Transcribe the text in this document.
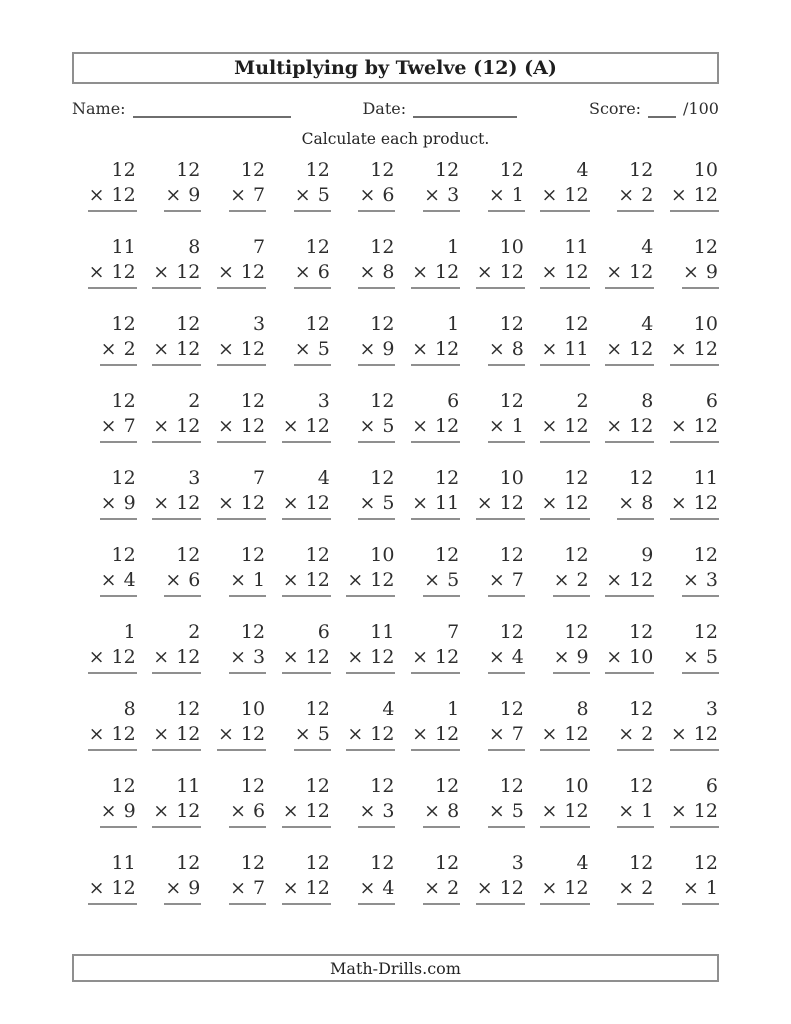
Multiplying by Twelve (12) (A)
Name:	Date:	Score:	/100
Calculate each product.
12
× 12
12
× 9
12
× 7
12
× 5
12
× 6
12
× 3
12
× 1
4
× 12
12
× 2
10
× 12
11
× 12
8
× 12
7
× 12
12
× 6
12
× 8
1
× 12
10
× 12
11
× 12
4
× 12
12
× 9
12
× 2
12
× 12
3
× 12
12
× 5
12
× 9
1
× 12
12
× 8
12
× 11
4
× 12
10
× 12
12
× 7
2
× 12
12
× 12
3
× 12
12
× 5
6
× 12
12
× 1
2
× 12
8
× 12
6
× 12
12
× 9
3
× 12
7
× 12
4
× 12
12
× 5
12
× 11
10
× 12
12
× 12
12
× 8
11
× 12
12
× 4
12
× 6
12
× 1
12
× 12
10
× 12
12
× 5
12
× 7
12
× 2
9
× 12
12
× 3
1
× 12
2
× 12
12
× 3
6
× 12
11
× 12
7
× 12
12
× 4
12
× 9
12
× 10
12
× 5
8
× 12
12
× 12
10
× 12
12
× 5
4
× 12
1
× 12
12
× 7
8
× 12
12
× 2
3
× 12
12
× 9
11
× 12
12
× 6
12
× 12
12
× 3
12
× 8
12
× 5
10
× 12
12
× 1
6
× 12
11
× 12
12
× 9
12
× 7
12
× 12
12
× 4
12
× 2
3
× 12
4
× 12
12
× 2
12
× 1
Math-Drills.com
